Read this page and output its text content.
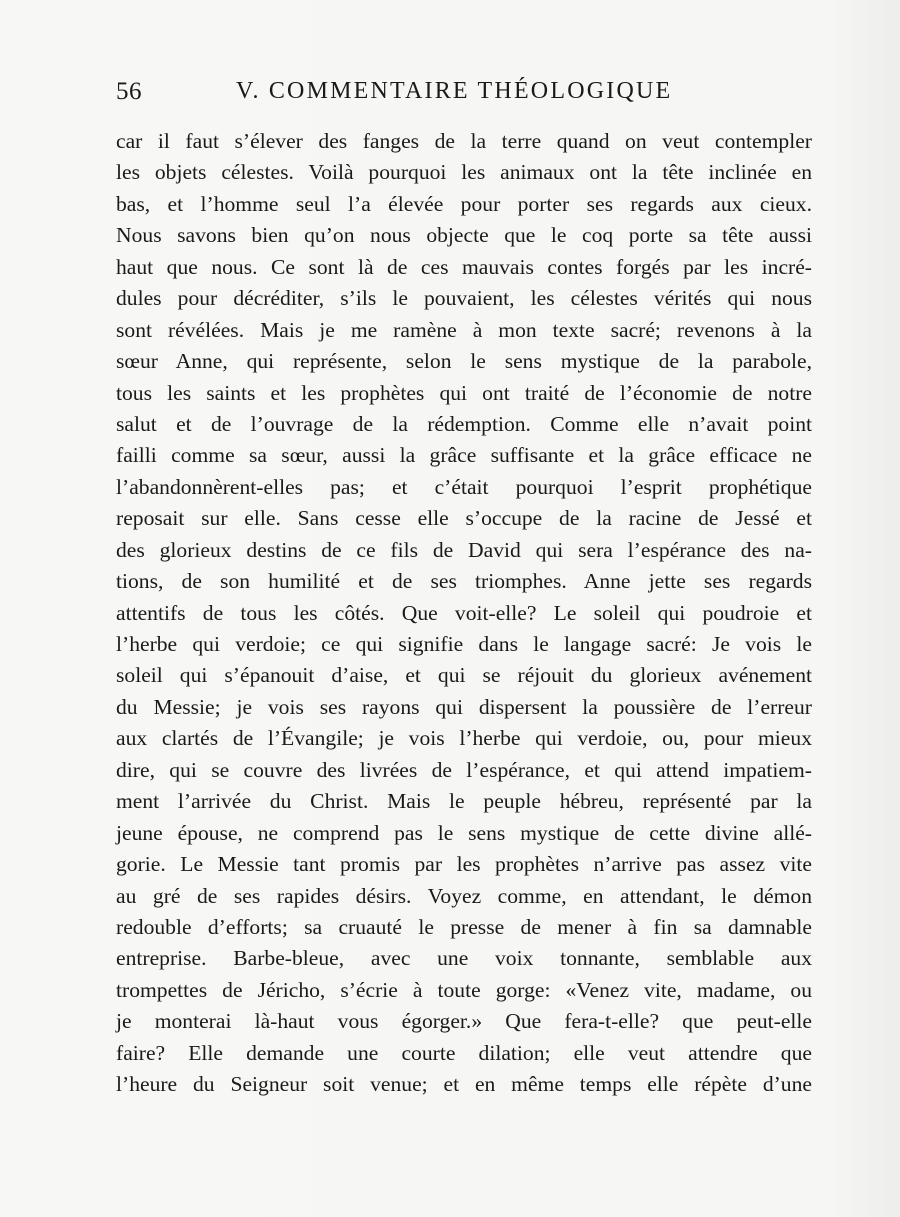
56	V. COMMENTAIRE THÉOLOGIQUE
car il faut s’élever des fanges de la terre quand on veut contempler
les objets célestes. Voilà pourquoi les animaux ont la tête inclinée en
bas, et l’homme seul l’a élevée pour porter ses regards aux cieux.
Nous savons bien qu’on nous objecte que le coq porte sa tête aussi
haut que nous. Ce sont là de ces mauvais contes forgés par les incré-
dules pour décréditer, s’ils le pouvaient, les célestes vérités qui nous
sont révélées. Mais je me ramène à mon texte sacré; revenons à la
sœur Anne, qui représente, selon le sens mystique de la parabole,
tous les saints et les prophètes qui ont traité de l’économie de notre
salut et de l’ouvrage de la rédemption. Comme elle n’avait point
failli comme sa sœur, aussi la grâce suffisante et la grâce efficace ne
l’abandonnèrent-elles pas; et c’était pourquoi l’esprit prophétique
reposait sur elle. Sans cesse elle s’occupe de la racine de Jessé et
des glorieux destins de ce fils de David qui sera l’espérance des na-
tions, de son humilité et de ses triomphes. Anne jette ses regards
attentifs de tous les côtés. Que voit-elle? Le soleil qui poudroie et
l’herbe qui verdoie; ce qui signifie dans le langage sacré: Je vois le
soleil qui s’épanouit d’aise, et qui se réjouit du glorieux avénement
du Messie; je vois ses rayons qui dispersent la poussière de l’erreur
aux clartés de l’Évangile; je vois l’herbe qui verdoie, ou, pour mieux
dire, qui se couvre des livrées de l’espérance, et qui attend impatiem-
ment l’arrivée du Christ. Mais le peuple hébreu, représenté par la
jeune épouse, ne comprend pas le sens mystique de cette divine allé-
gorie. Le Messie tant promis par les prophètes n’arrive pas assez vite
au gré de ses rapides désirs. Voyez comme, en attendant, le démon
redouble d’efforts; sa cruauté le presse de mener à fin sa damnable
entreprise. Barbe-bleue, avec une voix tonnante, semblable aux
trompettes de Jéricho, s’écrie à toute gorge: «Venez vite, madame, ou
je monterai là-haut vous égorger.» Que fera-t-elle? que peut-elle
faire? Elle demande une courte dilation; elle veut attendre que
l’heure du Seigneur soit venue; et en même temps elle répète d’une
